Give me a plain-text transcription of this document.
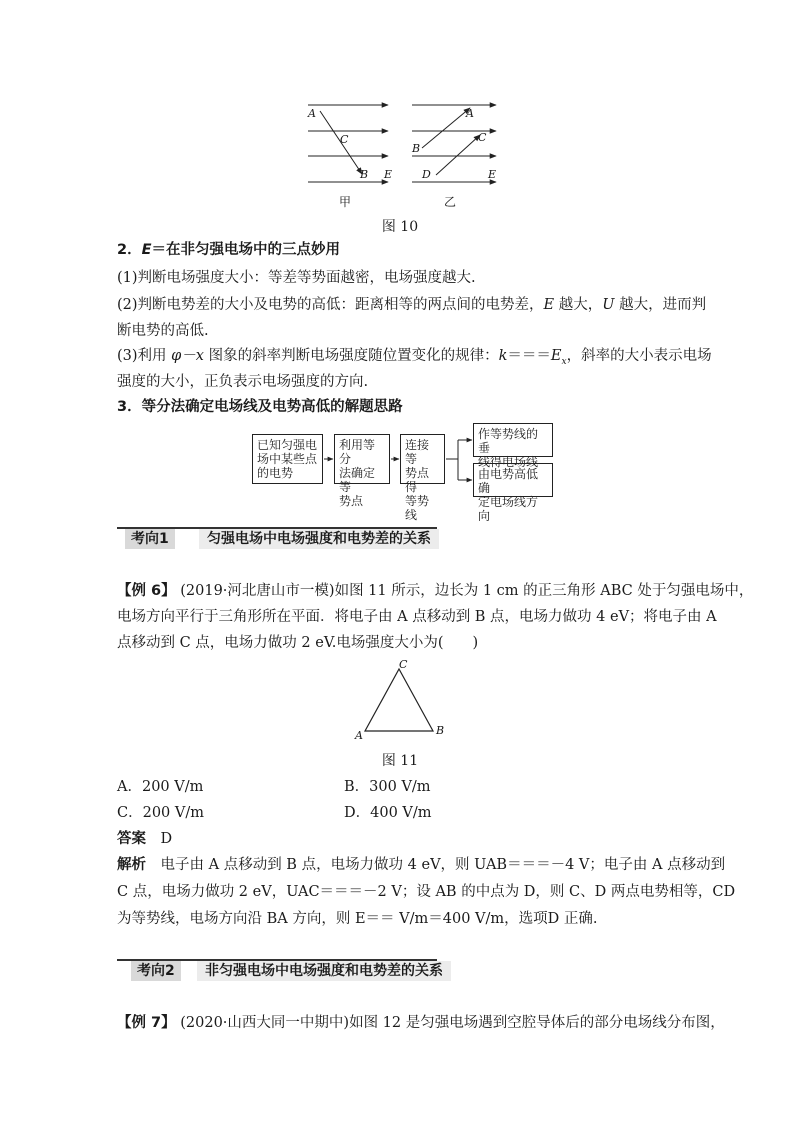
A
C
B E
甲
A
C
B
D	E
乙
图 10
2．E＝在非匀强电场中的三点妙用
(1)判断电场强度大小：等差等势面越密，电场强度越大.
(2)判断电势差的大小及电势的高低：距离相等的两点间的电势差，E 越大，U 越大，进而判
断电势的高低.
(3)利用 φ－x 图象的斜率判断电场强度随位置变化的规律：$k===E_x$，斜率的大小表示电场
强度的大小，正负表示电场强度的方向.
3．等分法确定电场线及电势高低的解题思路
已知匀强电
场中某些点
的电势
利用等分
法确定等
势点
连接等
势点得
等势线
作等势线的垂
线得电场线
由电势高低确
定电场线方向
考向1	匀强电场中电场强度和电势差的关系
【例 6】 (2019·河北唐山市一模)如图 11 所示，边长为 1 cm 的正三角形 ABC 处于匀强电场中，
电场方向平行于三角形所在平面．将电子由 A 点移动到 B 点，电场力做功 4 eV；将电子由 A
点移动到 C 点，电场力做功 2 eV.电场强度大小为(　　)
C
A	B
图 11
A．200 V/m	B．300 V/m
C．200 V/m	D．400 V/m
答案　 D
解析　 电子由 A 点移动到 B 点，电场力做功 4 eV，则 UAB＝＝＝－4 V；电子由 A 点移动到
C 点，电场力做功 2 eV，UAC＝＝＝－2 V；设 AB 的中点为 D，则 C、D 两点电势相等，CD
为等势线，电场方向沿 BA 方向，则 E＝＝ V/m＝400 V/m，选项D 正确.
考向2	非匀强电场中电场强度和电势差的关系
【例 7】 (2020·山西大同一中期中)如图 12 是匀强电场遇到空腔导体后的部分电场线分布图，
